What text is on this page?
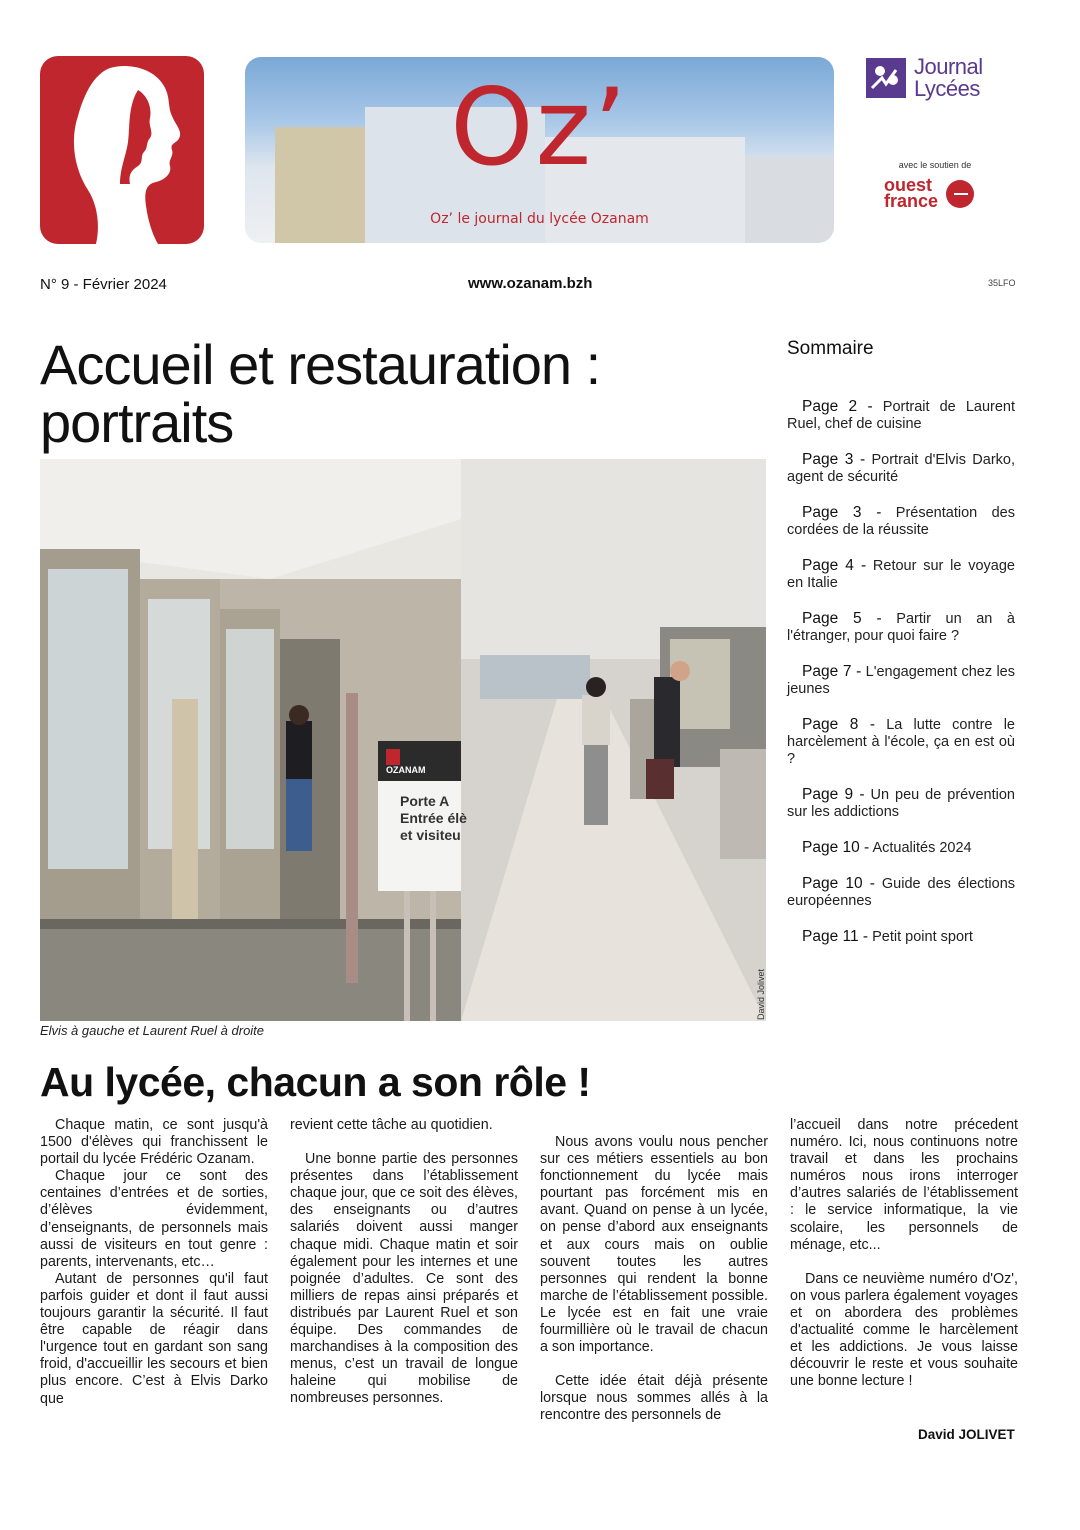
Oz’
Oz’ le journal du lycée Ozanam
Journal
Lycées
avec le soutien de
ouest
france
N° 9 - Février 2024	www.ozanam.bzh	35LFO
Accueil et restauration :
portraits
OZANAM
Porte A
Entrée élè
et visiteu
David Jolivet
Elvis à gauche et Laurent Ruel à droite
Sommaire
Page 2 - Portrait de Laurent Ruel, chef de cuisine
Page 3 - Portrait d'Elvis Darko, agent de sécurité
Page 3 - Présentation des cordées de la réussite
Page 4 - Retour sur le voyage en Italie
Page 5 - Partir un an à l'étranger, pour quoi faire ?
Page 7 - L'engagement chez les jeunes
Page 8 - La lutte contre le harcèlement à l'école, ça en est où ?
Page 9 - Un peu de prévention sur les addictions
Page 10 - Actualités 2024
Page 10 - Guide des élections européennes
Page 11 - Petit point sport
Au lycée, chacun a son rôle !

Chaque matin, ce sont jusqu'à 1500 d'élèves qui franchissent le portail du lycée Frédéric Ozanam.

Chaque jour ce sont des centaines d’entrées et de sorties, d’élèves évidemment, d’enseignants, de personnels mais aussi de visiteurs en tout genre : parents, intervenants, etc…

Autant de personnes qu'il faut parfois guider et dont il faut aussi toujours garantir la sécurité. Il faut être capable de réagir dans l'urgence tout en gardant son sang froid, d'accueillir les secours et bien plus encore. C’est à Elvis Darko que

revient cette tâche au quotidien.

Une bonne partie des personnes présentes dans l’établissement chaque jour, que ce soit des élèves, des enseignants ou d’autres salariés doivent aussi manger chaque midi. Chaque matin et soir également pour les internes et une poignée d’adultes. Ce sont des milliers de repas ainsi préparés et distribués par Laurent Ruel et son équipe. Des commandes de marchandises à la composition des menus, c’est un travail de longue haleine qui mobilise de nombreuses personnes.

Nous avons voulu nous pencher sur ces métiers essentiels au bon fonctionnement du lycée mais pourtant pas forcément mis en avant. Quand on pense à un lycée, on pense d’abord aux enseignants et aux cours mais on oublie souvent toutes les autres personnes qui rendent la bonne marche de l’établissement possible. Le lycée est en fait une vraie fourmillière où le travail de chacun a son importance.

Cette idée était déjà présente lorsque nous sommes allés à la rencontre des personnels de

l’accueil dans notre précedent numéro. Ici, nous continuons notre travail et dans les prochains numéros nous irons interroger d’autres salariés de l’établissement : le service informatique, la vie scolaire, les personnels de ménage, etc...

Dans ce neuvième numéro d'Oz', on vous parlera également voyages et on abordera des problèmes d'actualité comme le harcèlement et les addictions. Je vous laisse découvrir le reste et vous souhaite une bonne lecture !

David JOLIVET
